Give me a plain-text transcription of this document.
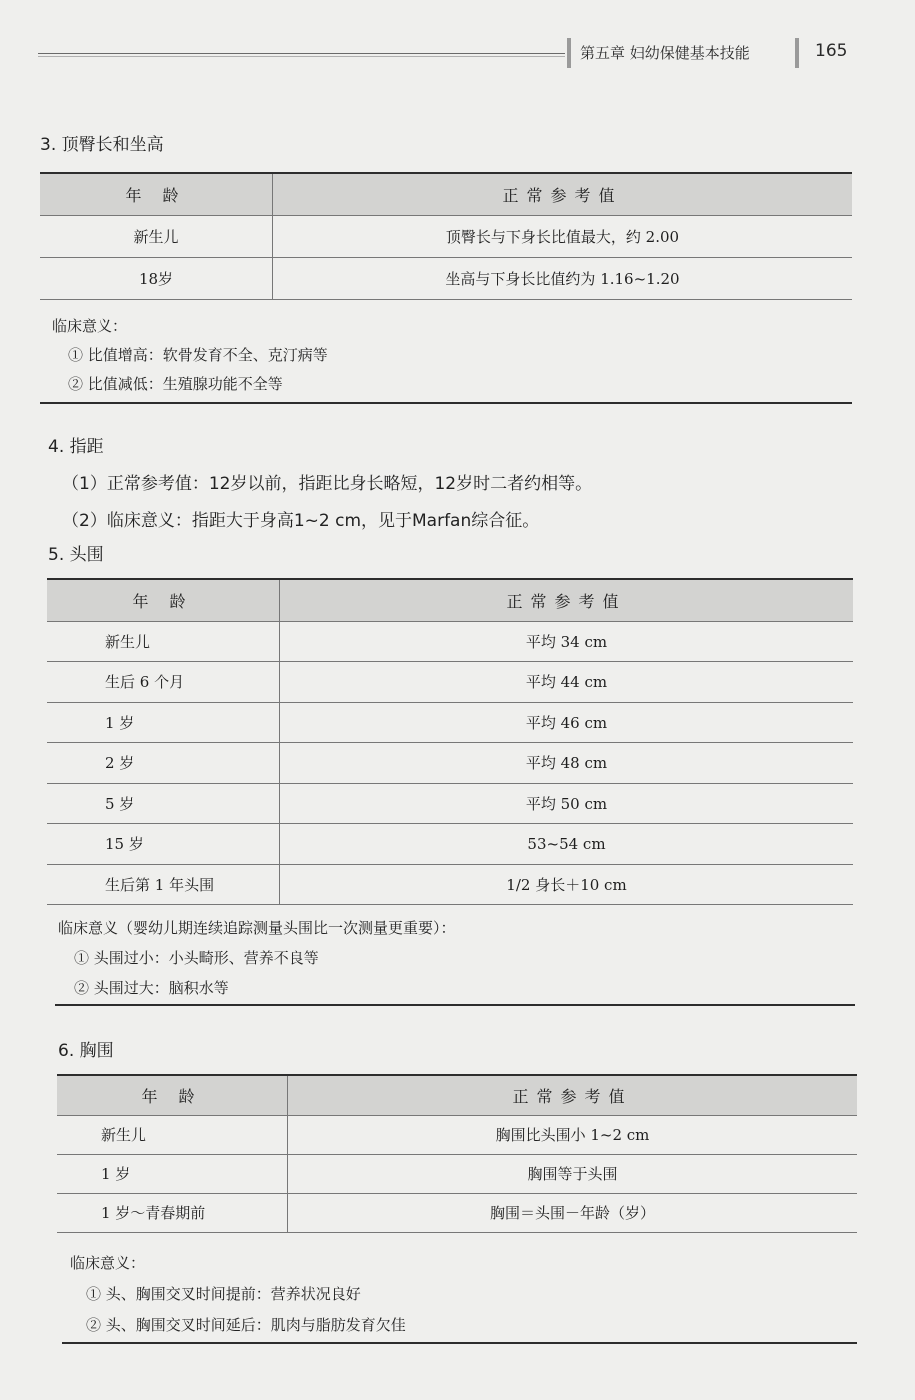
第五章 妇幼保健基本技能	165
3. 顶臀长和坐高
年 龄	正常参考值
新生儿	顶臀长与下身长比值最大，约 2.00
18岁	坐高与下身长比值约为 1.16~1.20
临床意义：
① 比值增高：软骨发育不全、克汀病等
② 比值减低：生殖腺功能不全等
4. 指距
（1）正常参考值：12岁以前，指距比身长略短，12岁时二者约相等。
（2）临床意义：指距大于身高1~2 cm，见于Marfan综合征。
5. 头围
年 龄	正常参考值
新生儿	平均 34 cm
生后 6 个月	平均 44 cm
1 岁	平均 46 cm
2 岁	平均 48 cm
5 岁	平均 50 cm
15 岁	53~54 cm
生后第 1 年头围	1/2 身长＋10 cm
临床意义（婴幼儿期连续追踪测量头围比一次测量更重要）：
① 头围过小：小头畸形、营养不良等
② 头围过大：脑积水等
6. 胸围
年 龄	正常参考值
新生儿	胸围比头围小 1~2 cm
1 岁	胸围等于头围
1 岁～青春期前	胸围＝头围－年龄（岁）
临床意义：
① 头、胸围交叉时间提前：营养状况良好
② 头、胸围交叉时间延后：肌肉与脂肪发育欠佳
